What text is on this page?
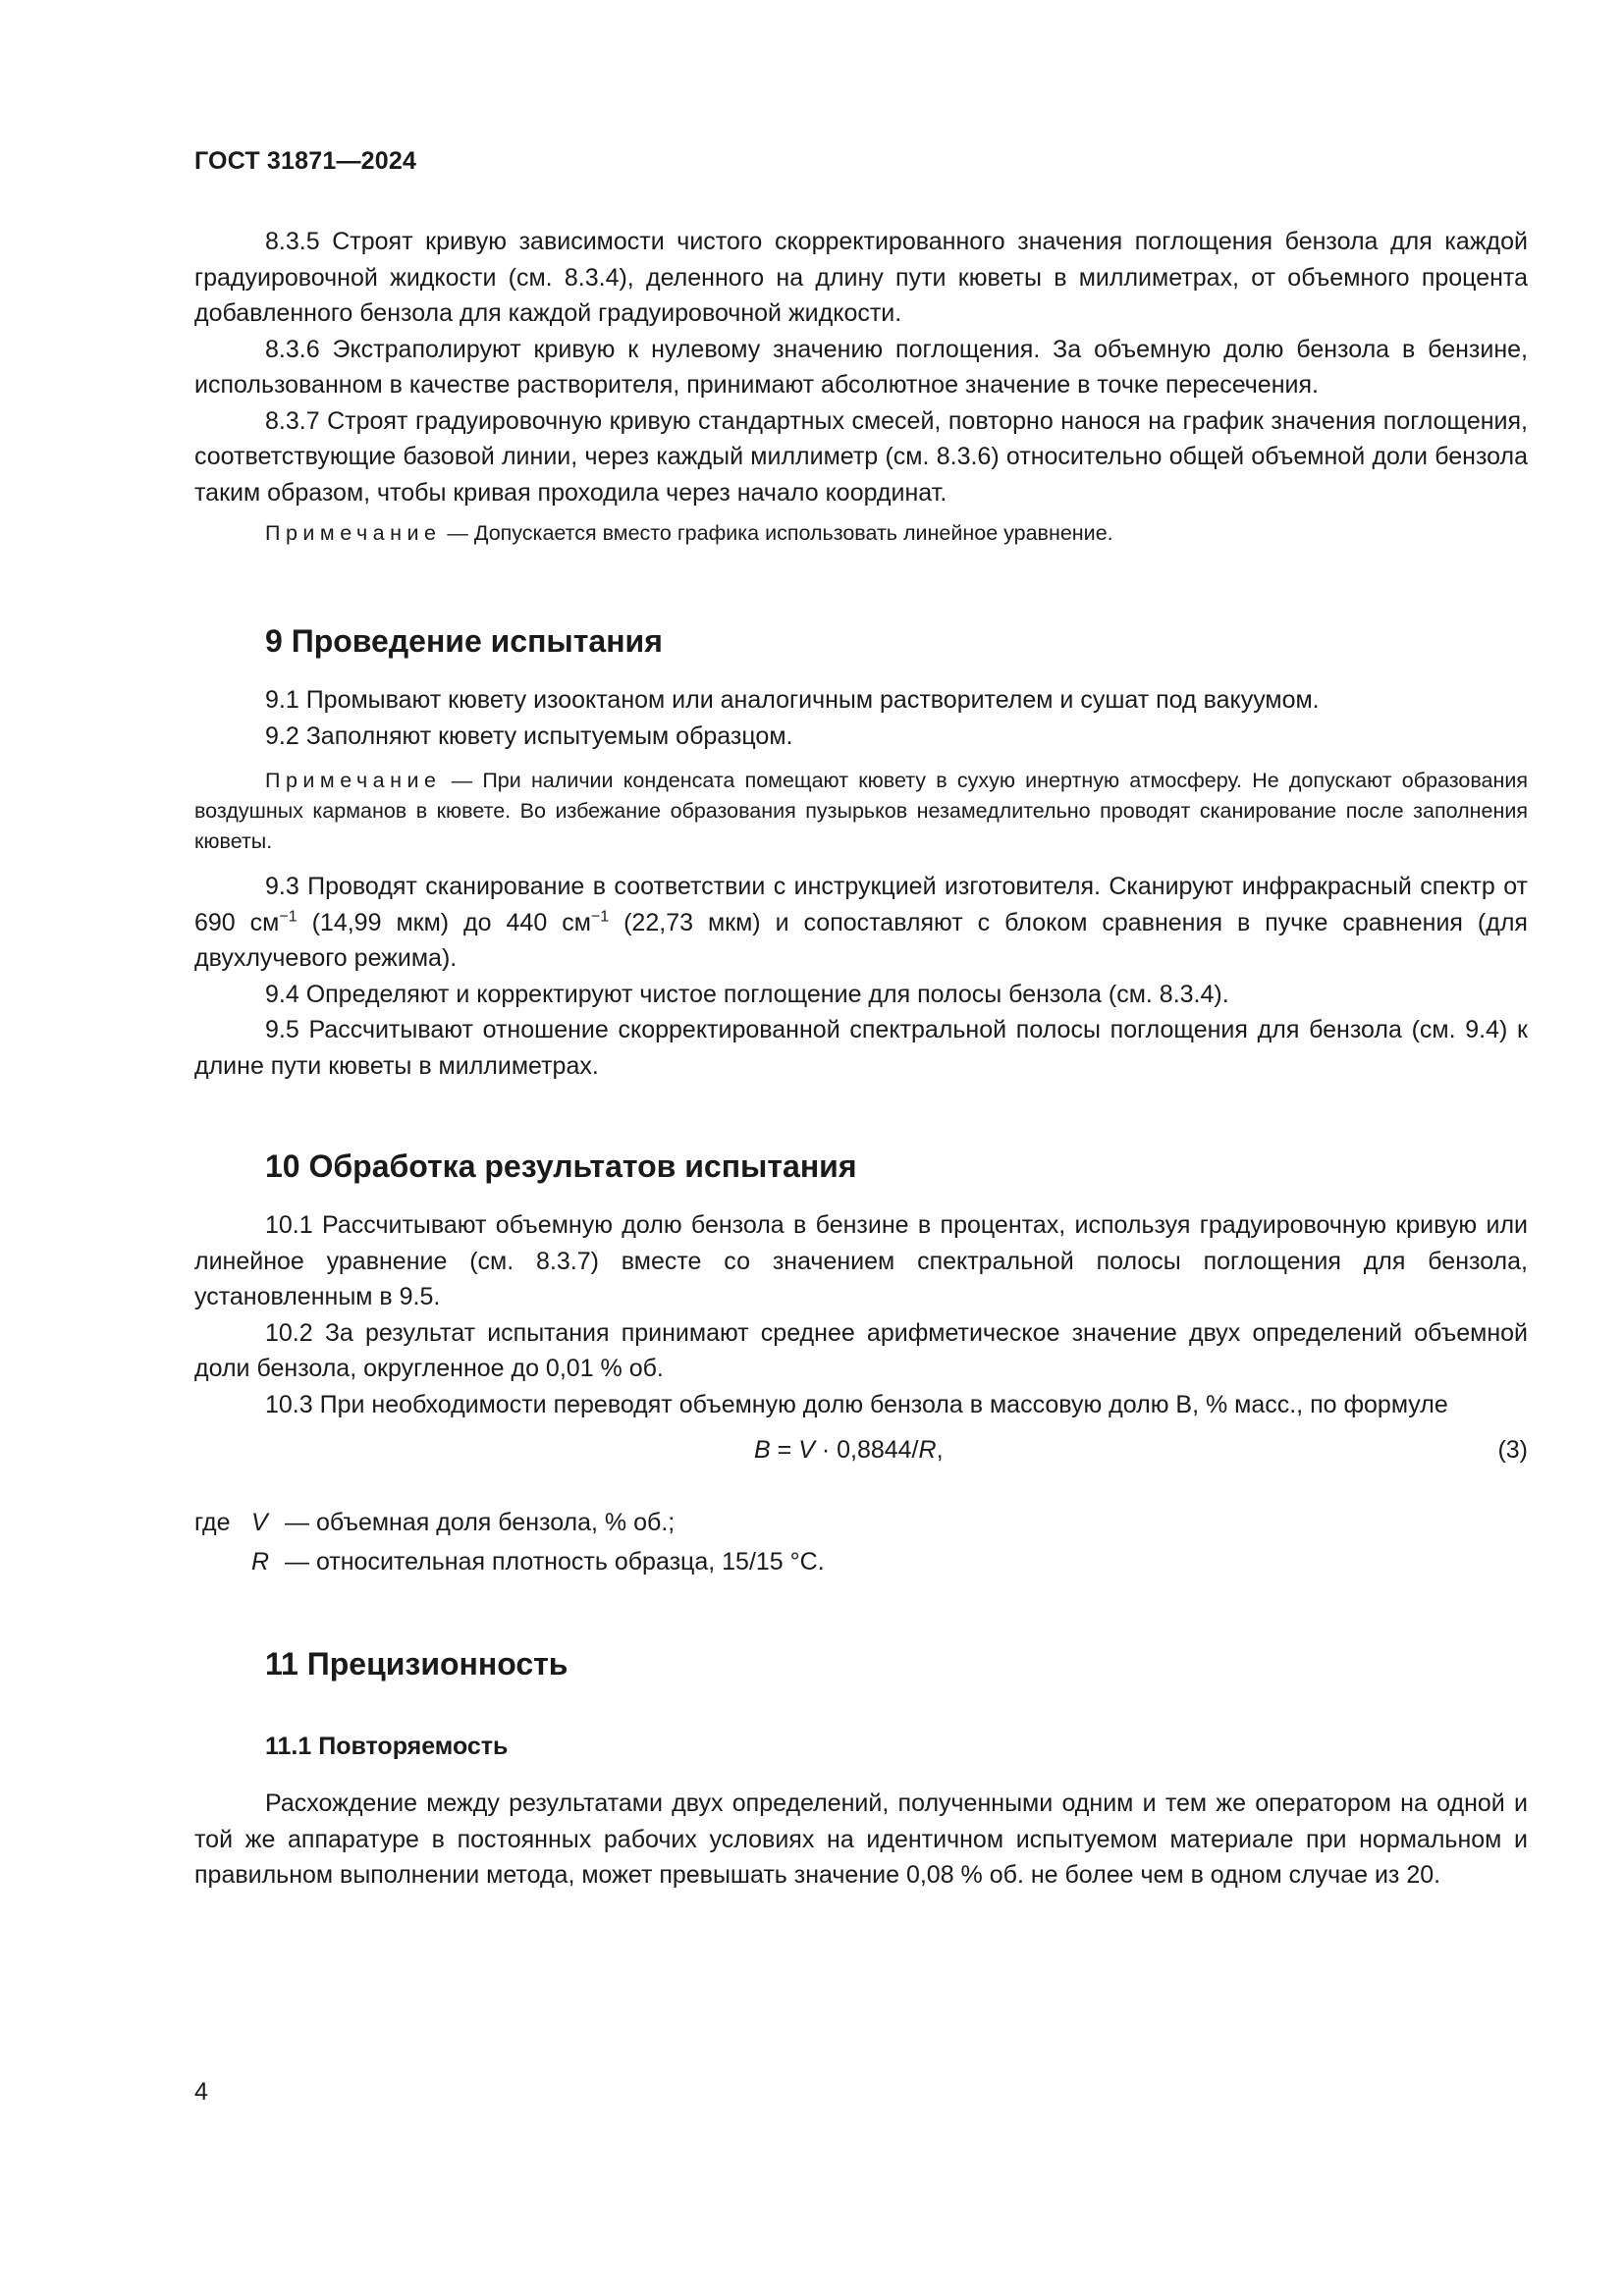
ГОСТ 31871—2024

8.3.5 Строят кривую зависимости чистого скорректированного значения поглощения бензола для каждой градуировочной жидкости (см. 8.3.4), деленного на длину пути кюветы в миллиметрах, от объемного процента добавленного бензола для каждой градуировочной жидкости.

8.3.6 Экстраполируют кривую к нулевому значению поглощения. За объемную долю бензола в бензине, использованном в качестве растворителя, принимают абсолютное значение в точке пересечения.

8.3.7 Строят градуировочную кривую стандартных смесей, повторно нанося на график значения поглощения, соответствующие базовой линии, через каждый миллиметр (см. 8.3.6) относительно общей объемной доли бензола таким образом, чтобы кривая проходила через начало координат.

Примечание — Допускается вместо графика использовать линейное уравнение.

9 Проведение испытания

9.1 Промывают кювету изооктаном или аналогичным растворителем и сушат под вакуумом.

9.2 Заполняют кювету испытуемым образцом.

Примечание — При наличии конденсата помещают кювету в сухую инертную атмосферу. Не допускают образования воздушных карманов в кювете. Во избежание образования пузырьков незамедлительно проводят сканирование после заполнения кюветы.

9.3 Проводят сканирование в соответствии с инструкцией изготовителя. Сканируют инфракрасный спектр от 690 $см^{-1}$ (14,99 мкм) до 440 $см^{-1}$ (22,73 мкм) и сопоставляют с блоком сравнения в пучке сравнения (для двухлучевого режима).

9.4 Определяют и корректируют чистое поглощение для полосы бензола (см. 8.3.4).

9.5 Рассчитывают отношение скорректированной спектральной полосы поглощения для бензола (см. 9.4) к длине пути кюветы в миллиметрах.

10 Обработка результатов испытания

10.1 Рассчитывают объемную долю бензола в бензине в процентах, используя градуировочную кривую или линейное уравнение (см. 8.3.7) вместе со значением спектральной полосы поглощения для бензола, установленным в 9.5.

10.2 За результат испытания принимают среднее арифметическое значение двух определений объемной доли бензола, округленное до 0,01 % об.

10.3 При необходимости переводят объемную долю бензола в массовую долю B, % масс., по формуле

B = V · 0,8844/R,	(3)
где V — объемная доля бензола, % об.;
R — относительная плотность образца, 15/15 °С.
11 Прецизионность
11.1 Повторяемость

Расхождение между результатами двух определений, полученными одним и тем же оператором на одной и той же аппаратуре в постоянных рабочих условиях на идентичном испытуемом материале при нормальном и правильном выполнении метода, может превышать значение 0,08 % об. не более чем в одном случае из 20.

4
